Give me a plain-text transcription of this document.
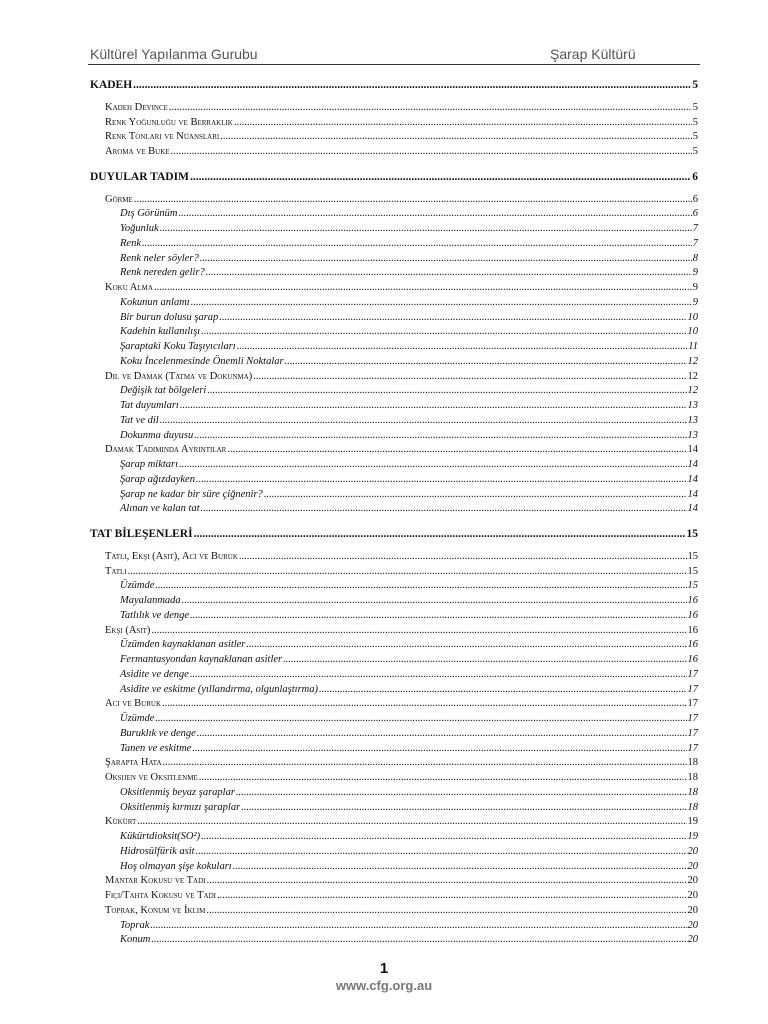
Kültürel Yapılanma Gurubu	Şarap Kültürü
KADEH .....	5
Kadeh Deyince .....	5
Renk Yoğunluğu ve Berraklık .....	5
Renk Tonları ve Nüansları .....	5
Aroma ve Buke .....	5
DUYULAR TADIM .....	6
Görme .....	6
Dış Görünüm .....	6
Yoğunluk .....	7
Renk .....	7
Renk neler söyler? .....	8
Renk nereden gelir? .....	9
Koku Alma .....	9
Kokunun anlamı .....	9
Bir burun dolusu şarap .....	10
Kadehin kullanılışı .....	10
Şaraptaki Koku Taşıyıcıları .....	11
Koku İncelenmesinde Önemli Noktalar .....	12
Dil ve Damak (Tatma ve Dokunma) .....	12
Değişik tat bölgeleri .....	12
Tat duyumları .....	13
Tat ve dil .....	13
Dokunma duyusu .....	13
Damak Tadımında Ayrıntılar .....	14
Şarap miktarı .....	14
Şarap ağızdayken .....	14
Şarap ne kadar bir süre çiğnenir? .....	14
Alınan ve kalan tat .....	14
TAT BİLEŞENLERİ .....	15
Tatlı, Ekşi (Asit), Acı ve Buruk .....	15
Tatlı .....	15
Üzümde .....	15
Mayalanmada .....	16
Tatlılık ve denge .....	16
Ekşi (Asit) .....	16
Üzümden kaynaklanan asitler .....	16
Fermantasyondan kaynaklanan asitler .....	16
Asidite ve denge .....	17
Asidite ve eskitme (yıllandırma, olgunlaştırma) .....	17
Acı ve Buruk .....	17
Üzümde .....	17
Buruklık ve denge .....	17
Tanen ve eskitme .....	17
Şarapta Hata .....	18
Oksijen ve Oksitlenme .....	18
Oksitlenmiş beyaz şaraplar .....	18
Oksitlenmiş kırmızı şaraplar .....	18
Kükürt .....	19
Kükürtdioksit(SO²) .....	19
Hidrosülfürik asit .....	20
Hoş olmayan şişe kokuları .....	20
Mantar Kokusu ve Tadı .....	20
Fıçı/Tahta Kokusu ve Tadı .....	20
Toprak, Konum ve İklim .....	20
Toprak .....	20
Konum .....	20
1
www.cfg.org.au
